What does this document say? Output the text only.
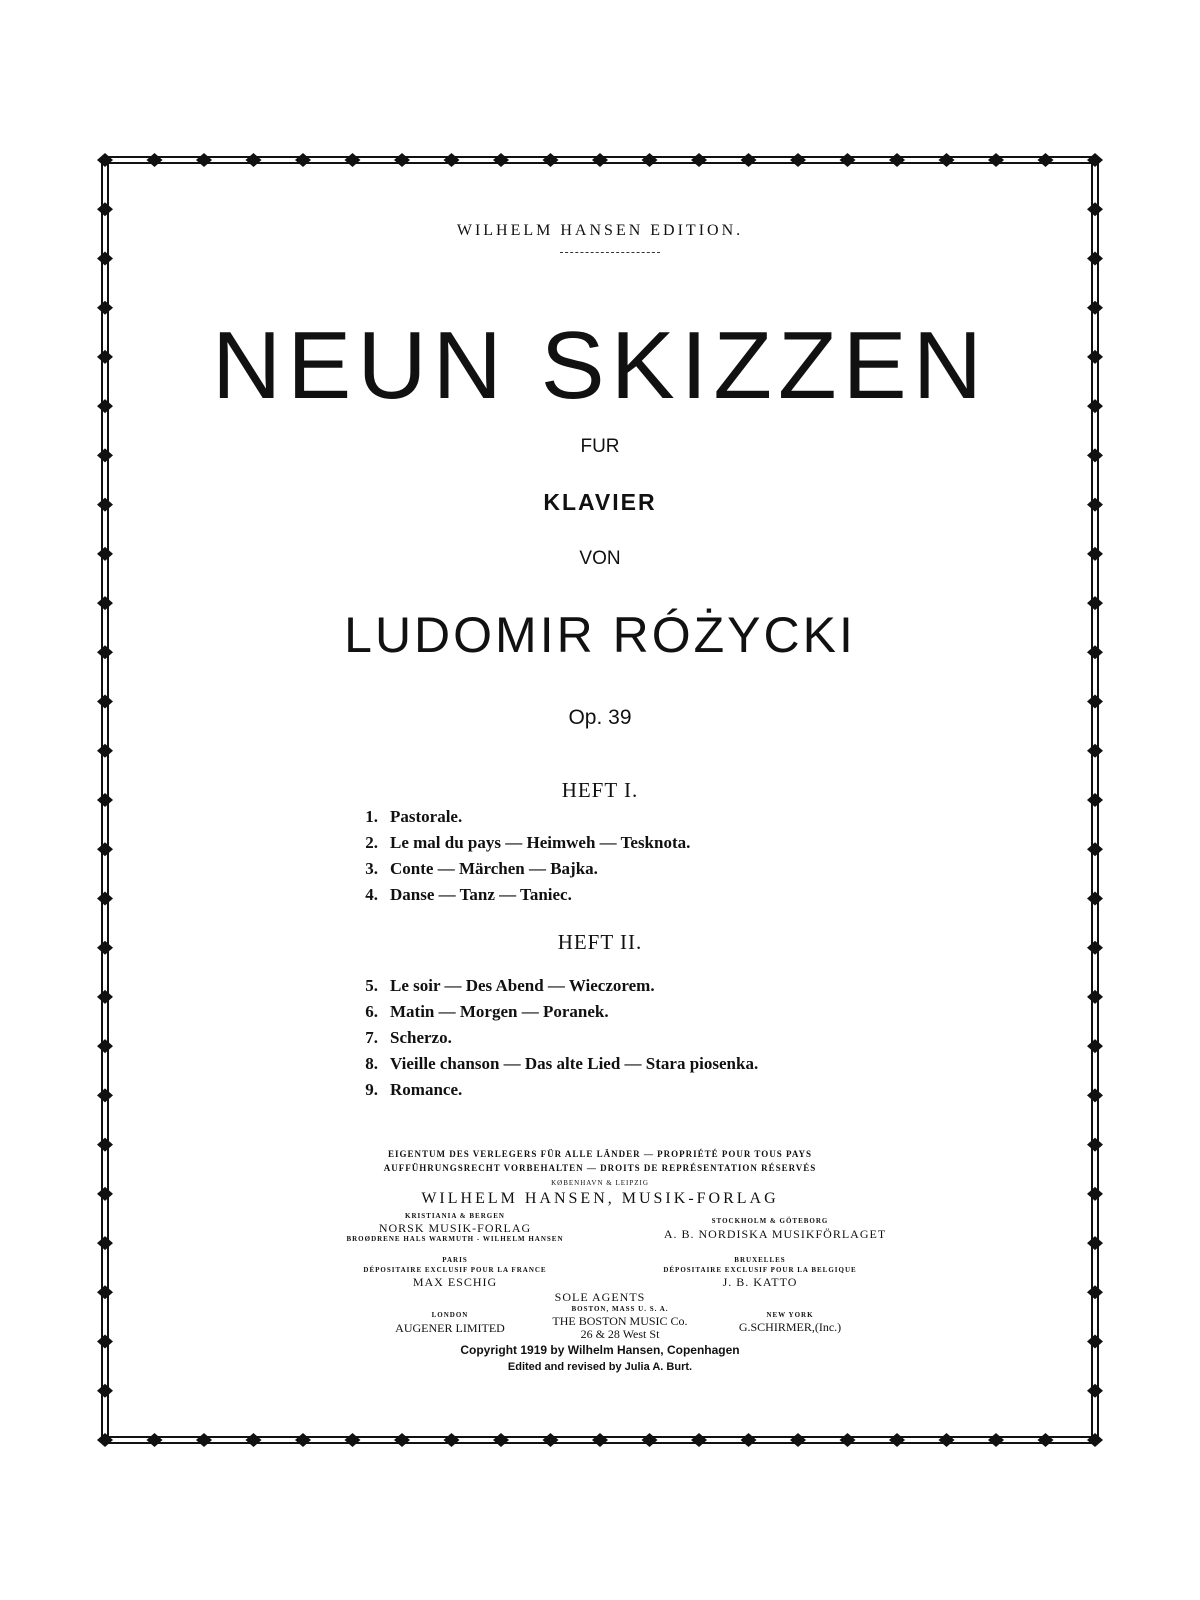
WILHELM HANSEN EDITION.
NEUN SKIZZEN
FUR
KLAVIER
VON
LUDOMIR RÓŻYCKI
Op. 39
HEFT I.
1. Pastorale.
2. Le mal du pays — Heimweh — Tesknota.
3. Conte — Märchen — Bajka.
4. Danse — Tanz — Taniec.
HEFT II.
5. Le soir — Des Abend — Wieczorem.
6. Matin — Morgen — Poranek.
7. Scherzo.
8. Vieille chanson — Das alte Lied — Stara piosenka.
9. Romance.
EIGENTUM DES VERLEGERS FÜR ALLE LÄNDER — PROPRIÉTÉ POUR TOUS PAYS
AUFFÜHRUNGSRECHT VORBEHALTEN — DROITS DE REPRÉSENTATION RÉSERVÉS
KØBENHAVN & LEIPZIG
WILHELM HANSEN, MUSIK-FORLAG
KRISTIANIA & BERGEN
NORSK MUSIK-FORLAG
BROØDRENE HALS WARMUTH - WILHELM HANSEN
STOCKHOLM & GÖTEBORG
A. B. NORDISKA MUSIKFÖRLAGET
PARIS
DÉPOSITAIRE EXCLUSIF POUR LA FRANCE
MAX ESCHIG
BRUXELLES
DÉPOSITAIRE EXCLUSIF POUR LA BELGIQUE
J. B. KATTO
SOLE AGENTS
LONDON
AUGENER LIMITED
BOSTON, MASS U. S. A.
THE BOSTON MUSIC Co.
26 & 28 West St
NEW YORK
G.SCHIRMER,(Inc.)
Copyright 1919 by Wilhelm Hansen, Copenhagen
Edited and revised by Julia A. Burt.
